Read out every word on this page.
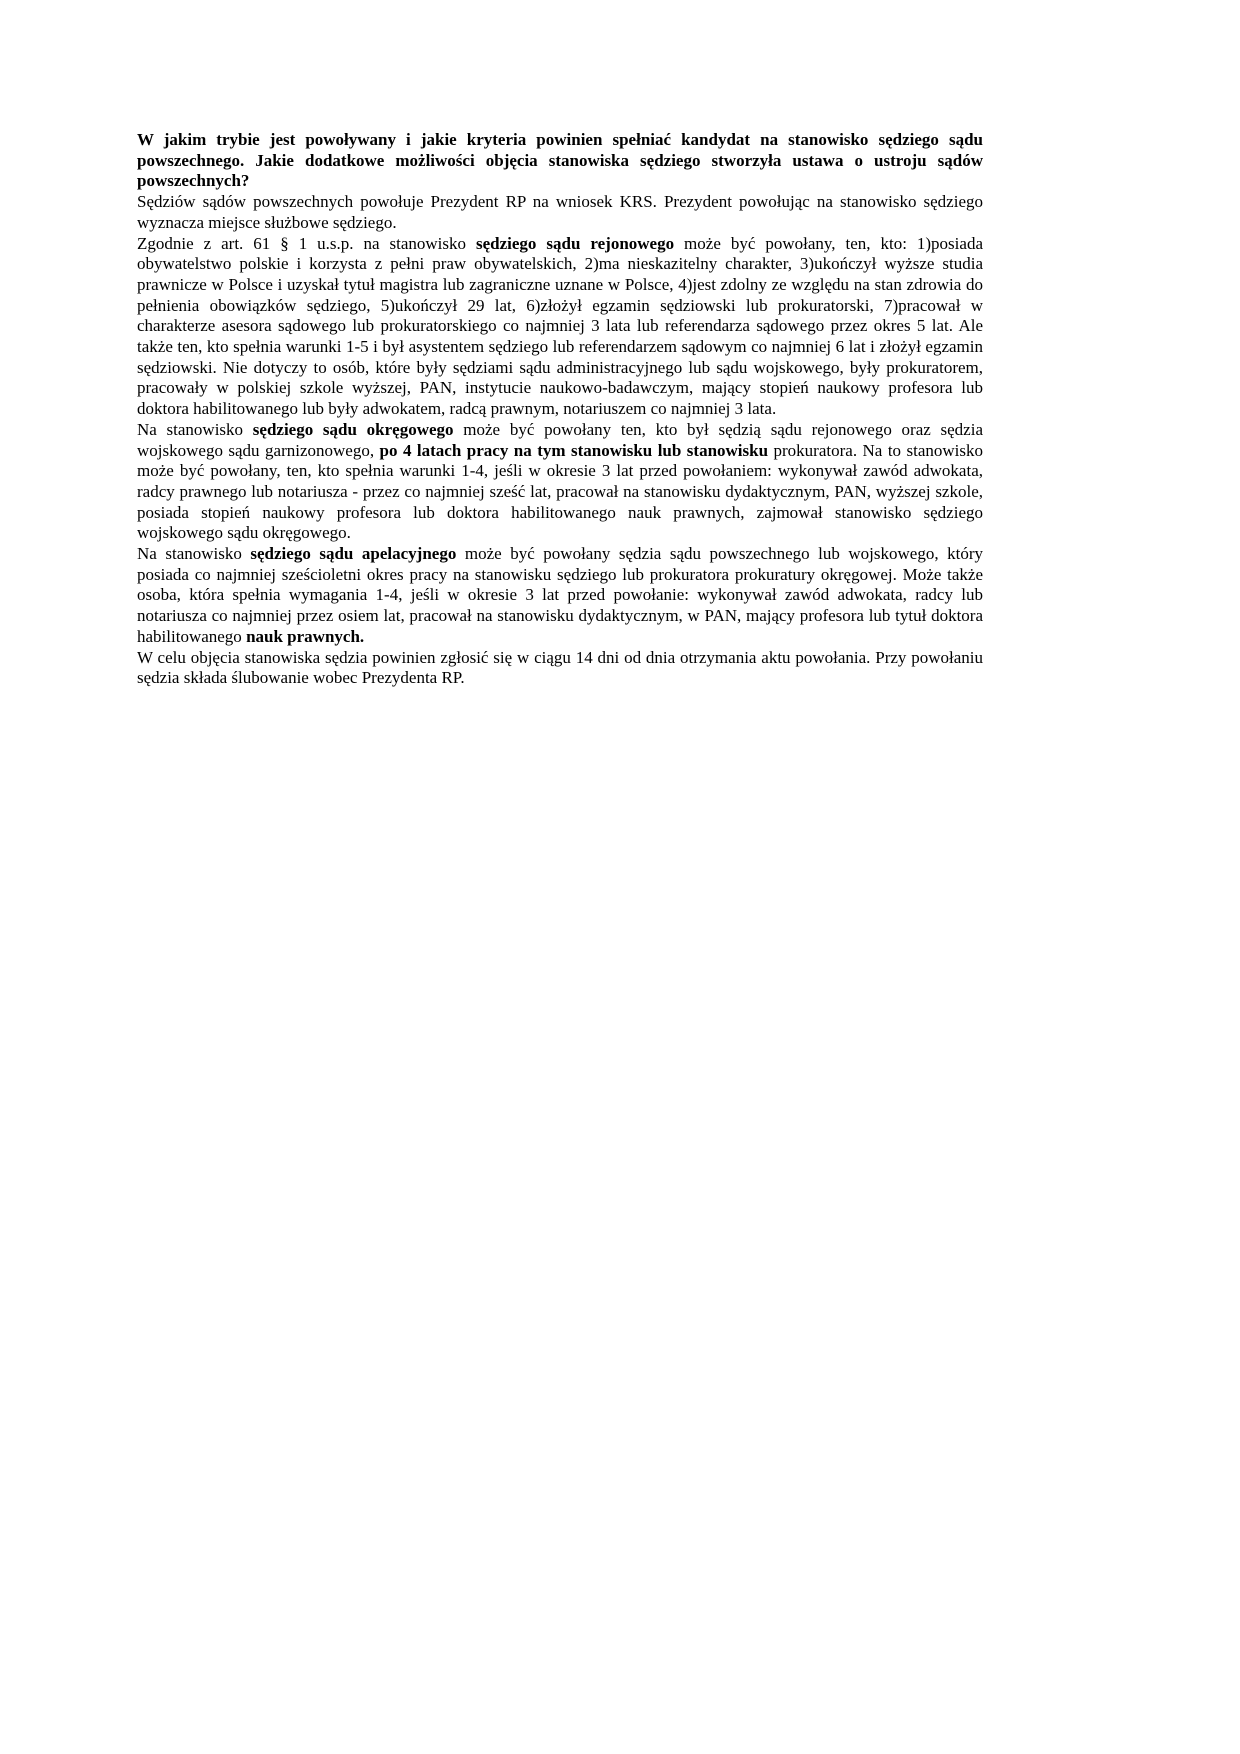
W jakim trybie jest powoływany i jakie kryteria powinien spełniać kandydat na stanowisko sędziego sądu powszechnego. Jakie dodatkowe możliwości objęcia stanowiska sędziego stworzyła ustawa o ustroju sądów powszechnych?

Sędziów sądów powszechnych powołuje Prezydent RP na wniosek KRS. Prezydent powołując na stanowisko sędziego wyznacza miejsce służbowe sędziego.

Zgodnie z art. 61 § 1 u.s.p. na stanowisko sędziego sądu rejonowego może być powołany, ten, kto: 1)posiada obywatelstwo polskie i korzysta z pełni praw obywatelskich, 2)ma nieskazitelny charakter, 3)ukończył wyższe studia prawnicze w Polsce i uzyskał tytuł magistra lub zagraniczne uznane w Polsce, 4)jest zdolny ze względu na stan zdrowia do pełnienia obowiązków sędziego, 5)ukończył 29 lat, 6)złożył egzamin sędziowski lub prokuratorski, 7)pracował w charakterze asesora sądowego lub prokuratorskiego co najmniej 3 lata lub referendarza sądowego przez okres 5 lat. Ale także ten, kto spełnia warunki 1-5 i był asystentem sędziego lub referendarzem sądowym co najmniej 6 lat i złożył egzamin sędziowski. Nie dotyczy to osób, które były sędziami sądu administracyjnego lub sądu wojskowego, były prokuratorem, pracowały w polskiej szkole wyższej, PAN, instytucie naukowo-badawczym, mający stopień naukowy profesora lub doktora habilitowanego lub były adwokatem, radcą prawnym, notariuszem co najmniej 3 lata.

Na stanowisko sędziego sądu okręgowego może być powołany ten, kto był sędzią sądu rejonowego oraz sędzia wojskowego sądu garnizonowego, po 4 latach pracy na tym stanowisku lub stanowisku prokuratora. Na to stanowisko może być powołany, ten, kto spełnia warunki 1-4, jeśli w okresie 3 lat przed powołaniem: wykonywał zawód adwokata, radcy prawnego lub notariusza - przez co najmniej sześć lat, pracował na stanowisku dydaktycznym, PAN, wyższej szkole, posiada stopień naukowy profesora lub doktora habilitowanego nauk prawnych, zajmował stanowisko sędziego wojskowego sądu okręgowego.

Na stanowisko sędziego sądu apelacyjnego może być powołany sędzia sądu powszechnego lub wojskowego, który posiada co najmniej sześcioletni okres pracy na stanowisku sędziego lub prokuratora prokuratury okręgowej. Może także osoba, która spełnia wymagania 1-4, jeśli w okresie 3 lat przed powołanie: wykonywał zawód adwokata, radcy lub notariusza co najmniej przez osiem lat, pracował na stanowisku dydaktycznym, w PAN, mający profesora lub tytuł doktora habilitowanego nauk prawnych.

W celu objęcia stanowiska sędzia powinien zgłosić się w ciągu 14 dni od dnia otrzymania aktu powołania. Przy powołaniu sędzia składa ślubowanie wobec Prezydenta RP.
